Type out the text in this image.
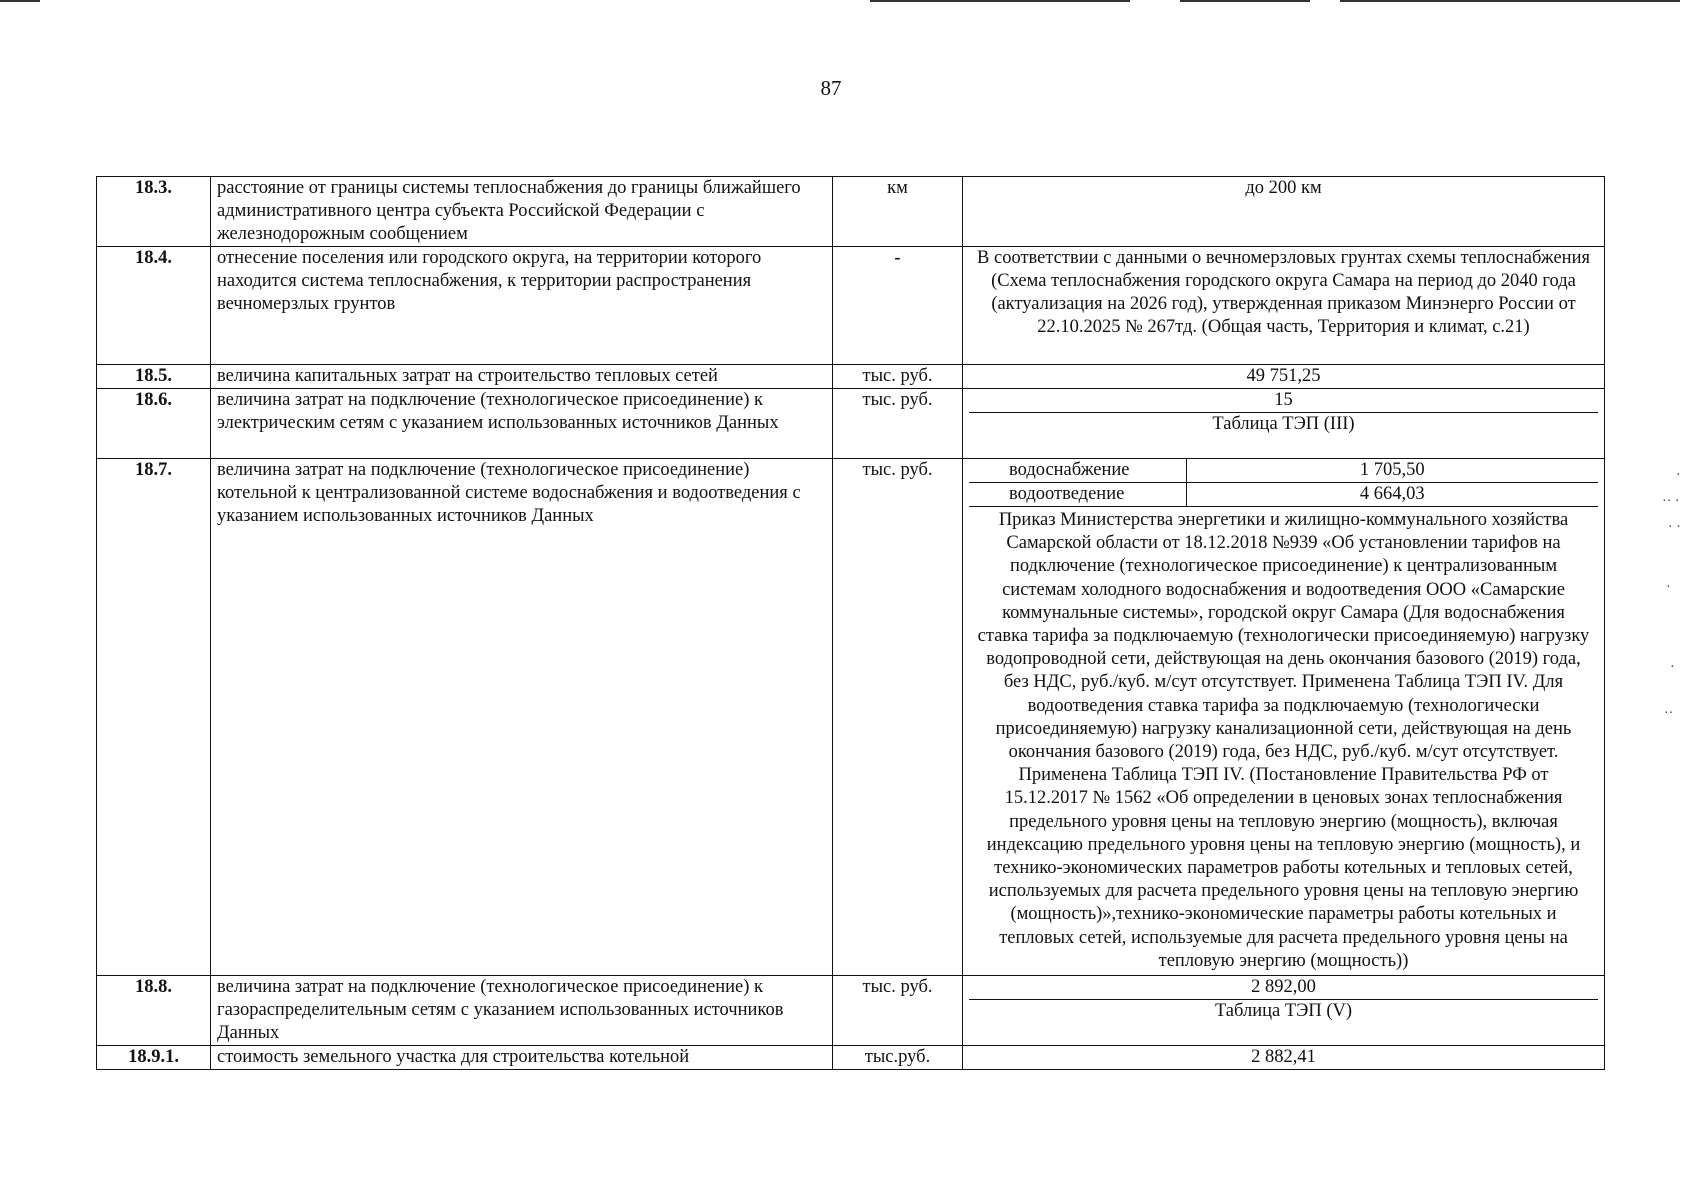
87
18.3.	расстояние от границы системы теплоснабжения до границы ближайшего административного центра субъекта Российской Федерации с железнодорожным сообщением	км	до 200 км

18.4.	отнесение поселения или городского округа, на территории которого находится система теплоснабжения, к территории распространения вечномерзлых грунтов	-	В соответствии с данными о вечномерзловых грунтах схемы теплоснабжения (Схема теплоснабжения городского округа Самара на период до 2040 года (актуализация на 2026 год), утвержденная приказом Минэнерго России от 22.10.2025 № 267тд. (Общая часть, Территория и климат, с.21)

18.5.	величина капитальных затрат на строительство тепловых сетей	тыс. руб.	49 751,25

18.6.	величина затрат на подключение (технологическое присоединение) к электрическим сетям с указанием использованных источников Данных	тыс. руб.	15
Таблица ТЭП (III)

18.7.	величина затрат на подключение (технологическое присоединение) котельной к централизованной системе водоснабжения и водоотведения с указанием использованных источников Данных	тыс. руб.		водоснабжение	1 705,50
водоотведение	4 664,03
Приказ Министерства энергетики и жилищно-коммунального хозяйства Самарской области от 18.12.2018 №939 «Об установлении тарифов на подключение (технологическое присоединение) к централизованным системам холодного водоснабжения и водоотведения ООО «Самарские коммунальные системы», городской округ Самара (Для водоснабжения ставка тарифа за подключаемую (технологически присоединяемую) нагрузку водопроводной сети, действующая на день окончания базового (2019) года, без НДС, руб./куб. м/сут отсутствует. Применена Таблица ТЭП IV. Для водоотведения ставка тарифа за подключаемую (технологически присоединяемую) нагрузку канализационной сети, действующая на день окончания базового (2019) года, без НДС, руб./куб. м/сут отсутствует. Применена Таблица ТЭП IV. (Постановление Правительства РФ от 15.12.2017 № 1562 «Об определении в ценовых зонах теплоснабжения предельного уровня цены на тепловую энергию (мощность), включая индексацию предельного уровня цены на тепловую энергию (мощность), и технико-экономических параметров работы котельных и тепловых сетей, используемых для расчета предельного уровня цены на тепловую энергию (мощность)»,технико-экономические параметры работы котельных и тепловых сетей, используемые для расчета предельного уровня цены на тепловую энергию (мощность))

18.8.	величина затрат на подключение (технологическое присоединение) к газораспределительным сетям с указанием использованных источников Данных	тыс. руб.	2 892,00
Таблица ТЭП (V)

18.9.1.	стоимость земельного участка для строительства котельной	тыс.руб.	2 882,41
·
·· ·
· ·
·
·
··
